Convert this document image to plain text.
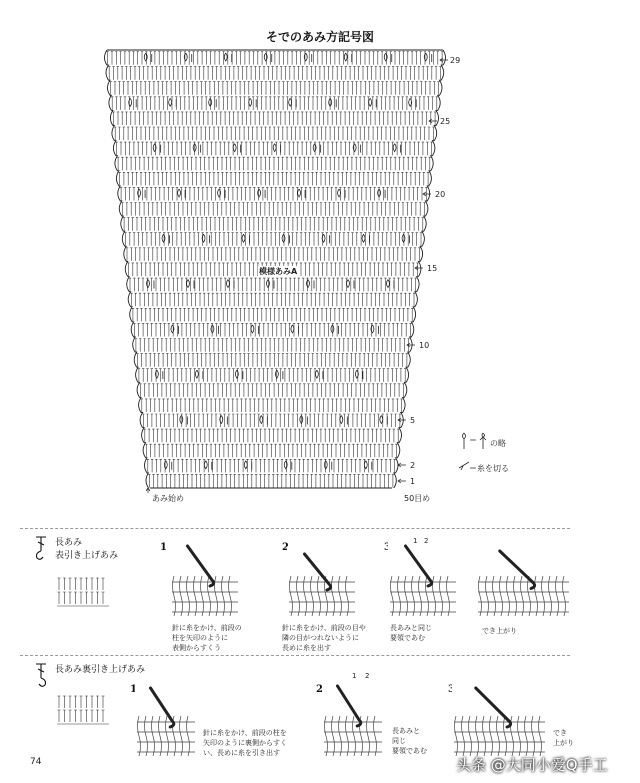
そでのあみ方記号図
29
25
20
15
10
5
2
1
模様あみA
あみ始め	50目め
＝ の略
＝糸を切る
長あみ
表引き上げあみ
1	2	3
1 2
針に糸をかけ、前段の
柱を矢印のように
表側からすくう
針に糸をかけ、前段の目や
隣の目がつれないように
長めに糸を出す
長あみと同じ
要領であむ
でき上がり
長あみ裏引き上げあみ
1	2	3
1 2
針に糸をかけ、前段の柱を
矢印のように裏側からすく
い、長めに糸を引き出す
長あみと
同じ
要領であむ
でき
上がり
74	头条 @大同小爱Q手工
